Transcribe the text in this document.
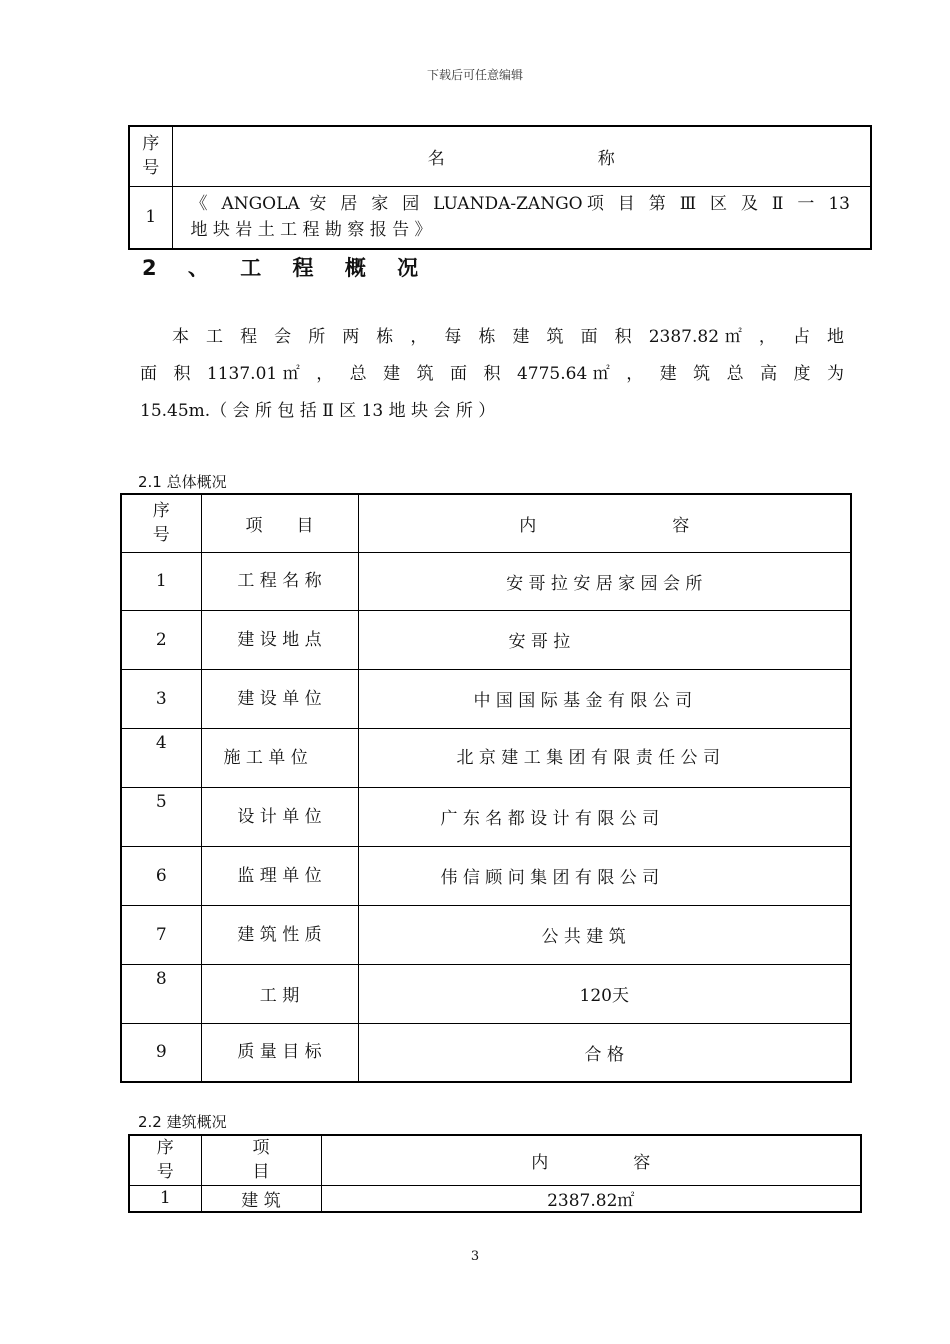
下载后可任意编辑
序号	名　　　　　　　　　称
1	《 ANGOLA 安 居 家 园 LUANDA-ZANGO项 目 第 Ⅲ 区 及 Ⅱ 一 13
地 块 岩 土 工 程 勘 察 报 告 》
2 、 工 程 概 况
本 工 程 会 所 两 栋 ， 每 栋 建 筑 面 积 2387.82㎡ ， 占 地
面 积 1137.01㎡ ， 总 建 筑 面 积 4775.64㎡ ， 建 筑 总 高 度 为
15.45m.（ 会 所 包 括 Ⅱ 区 13 地 块 会 所 ）
2.1 总体概况
序号	项　　目	内　　　　　　　　容
1	工 程 名 称	安 哥 拉 安 居 家 园 会 所
2	建 设 地 点	安 哥 拉
3	建 设 单 位	中 国 国 际 基 金 有 限 公 司
4	施 工 单 位	北 京 建 工 集 团 有 限 责 任 公 司

5	设 计 单 位	广 东 名 都 设 计 有 限 公 司
6	监 理 单 位	伟 信 顾 问 集 团 有 限 公 司
7	建 筑 性 质	公 共 建 筑
8	工 期	120天
9	质 量 目 标	合 格
2.2 建筑概况
序号	项目	内　　　　　容
1	建 筑	2387.82㎡
3
